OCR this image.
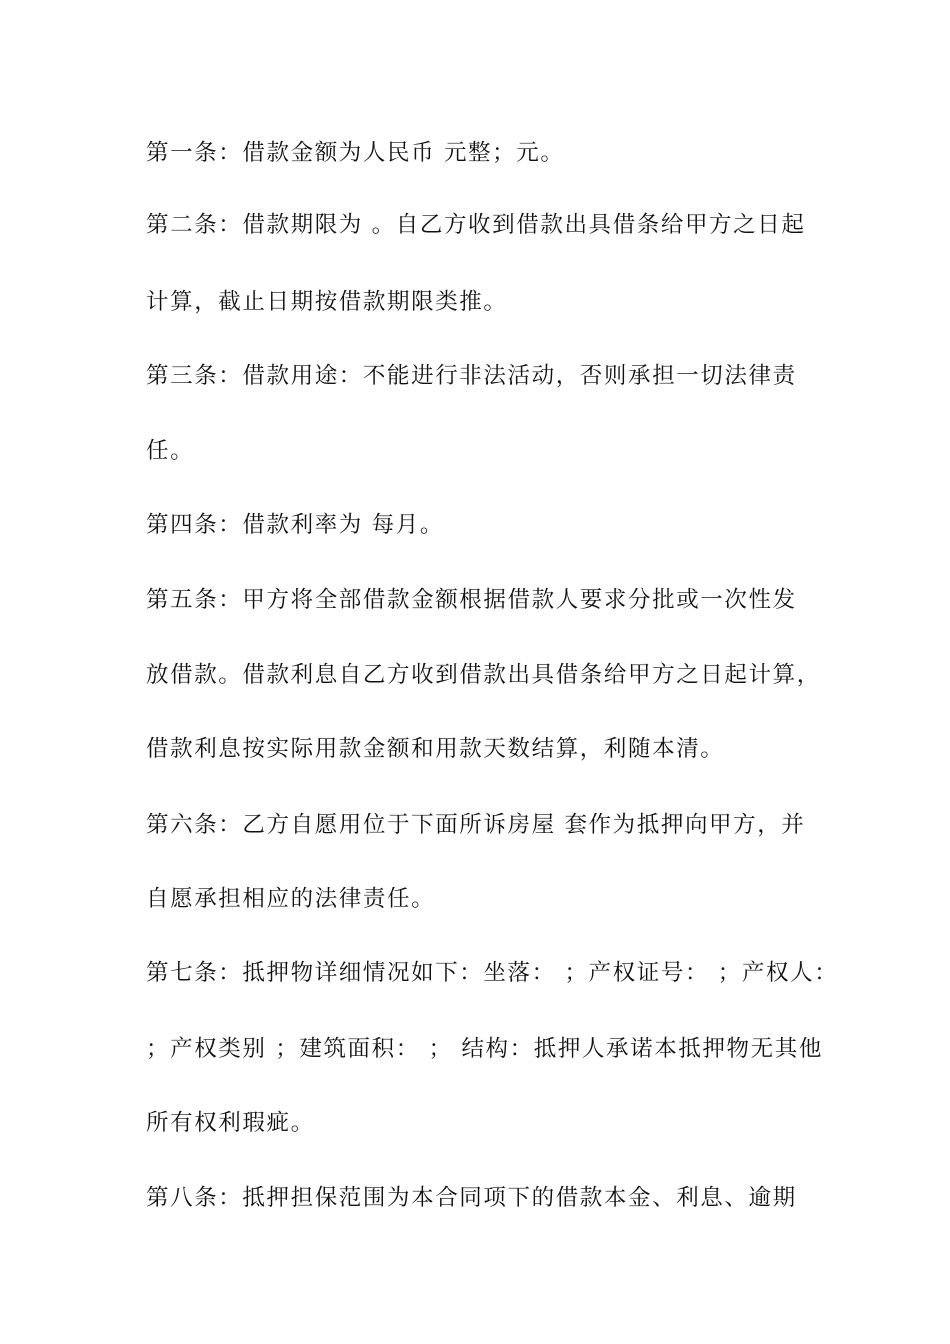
第一条：借款金额为人民币 元整；元。
第二条：借款期限为 。自乙方收到借款出具借条给甲方之日起
计算，截止日期按借款期限类推。
第三条：借款用途：不能进行非法活动，否则承担一切法律责
任。
第四条：借款利率为 每月。
第五条：甲方将全部借款金额根据借款人要求分批或一次性发
放借款。借款利息自乙方收到借款出具借条给甲方之日起计算，
借款利息按实际用款金额和用款天数结算，利随本清。
第六条：乙方自愿用位于下面所诉房屋 套作为抵押向甲方，并
自愿承担相应的法律责任。
第七条：抵押物详细情况如下：坐落： ；产权证号： ；产权人：
；产权类别 ；建筑面积： ； 结构：抵押人承诺本抵押物无其他
所有权利瑕疵。
第八条：抵押担保范围为本合同项下的借款本金、利息、逾期
